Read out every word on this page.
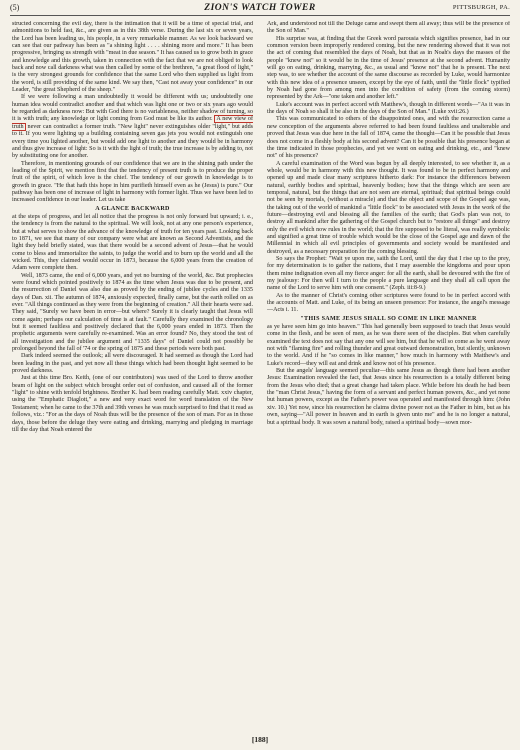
(5)	ZION'S WATCH TOWER	PITTSBURGH, PA.

structed concerning the evil day, there is the intimation that it will be a time of special trial, and admonitions to held fast, &c., are given as in this 38th verse. During the last six or seven years, the Lord has been leading us, his people, in a very remarkable manner. As we look backward we can see that our pathway has been as "a shining light . . . . shining more and more." It has been progressive, bringing us strength with "meat in due season." It has caused us to grow both in grace and knowledge and this growth, taken in connection with the fact that we are not obliged to look back and now call darkness what was then called by some of the brethren, "a great flood of light," is the very strongest grounds for confidence that the same Lord who then supplied us light from the word, is still providing of the same kind. We say then, "Cast not away your confidence" in our Leader, "the great Shepherd of the sheep."

If we were following a man undoubtedly it would be different with us; undoubtedly one human idea would contradict another and that which was light one or two or six years ago would be regarded as darkness now: But with God there is no variableness, neither shadow of turning, so it is with truth; any knowledge or light coming from God must be like its author. A new view of truth never can contradict a former truth. "New light" never extinguishes older "light," but adds to it. If you were lighting up a building containing seven gas jets you would not extinguish one every time you lighted another, but would add one light to another and they would be in harmony and thus give increase of light: So is it with the light of truth; the true increase is by adding to, not by substituting one for another.

Therefore, in mentioning grounds of our confidence that we are in the shining path under the leading of the Spirit, we mention first that the tendency of present truth is to produce the proper fruit of the spirit, of which love is the chief. The tendency of our growth in knowledge is to growth in grace. "He that hath this hope in him purifieth himself even as he (Jesus) is pure." Our pathway has been one of increase of light in harmony with former light. Thus we have been led to increased confidence in our leader. Let us take

A GLANCE BACKWARD

at the steps of progress, and let all notice that the progress is not only forward but upward; i. e., the tendency is from the natural to the spiritual. We will look, not at any one person's experience, but at what serves to show the advance of the knowledge of truth for ten years past. Looking back to 1871, we see that many of our company were what are known as Second Adventists, and the light they held briefly stated, was that there would be a second advent of Jesus—that he would come to bless and immortalize the saints, to judge the world and to burn up the world and all the wicked. This, they claimed would occur in 1873, because the 6,000 years from the creation of Adam were complete then.

Well, 1873 came, the end of 6,000 years, and yet no burning of the world, &c. But prophecies were found which pointed positively to 1874 as the time when Jesus was due to be present, and the resurrection of Daniel was also due as proved by the ending of jubilee cycles and the 1335 days of Dan. xii. The autumn of 1874, anxiously expected, finally came, but the earth rolled on as ever. "All things continued as they were from the beginning of creation." All their hearts were sad. They said, "Surely we have been in error—but where? Surely it is clearly taught that Jesus will come again; perhaps our calculation of time is at fault." Carefully they examined the chronology but it seemed faultless and positively declared that the 6,000 years ended in 1873. Then the prophetic arguments were carefully re-examined. Was an error found? No, they stood the test of all investigation and the jubilee argument and "1335 days" of Daniel could not possibly be prolonged beyond the fall of '74 or the spring of 1875 and these periods were both past.

Dark indeed seemed the outlook; all were discouraged. It had seemed as though the Lord had been leading in the past, and yet now all these things which had been thought light seemed to be proved darkness.

Just at this time Bro. Keith, (one of our contributors) was used of the Lord to throw another beam of light on the subject which brought order out of confusion, and caused all of the former "light" to shine with tenfold brightness. Brother K. had been reading carefully Matt. xxiv chapter, using the "Emphatic Diaglott," a new and very exact word for word translation of the New Testament; when he came to the 37th and 39th verses he was much surprised to find that it read as follows, viz.: "For as the days of Noah thus will be the presence of the son of man. For as in those days, those before the deluge they were eating and drinking, marrying and pledging in marriage till the day that Noah entered the

Ark, and understood not till the Deluge came and swept them all away; thus will be the presence of the Son of Man."

His surprise was, at finding that the Greek word parousia which signifies presence, had in our common version been improperly rendered coming, but the new rendering showed that it was not the act of coming that resembled the days of Noah, but that as in Noah's days the masses of the people "knew not" so it would be in the time of Jesus' presence at the second advent. Humanity will go on eating, drinking, marrying, &c., as usual and "know not" that he is present. The next step was, to see whether the account of the same discourse as recorded by Luke, would harmonize with this new idea of a presence unseen, except by the eye of faith, until the "little flock" typified by Noah had gone from among men into the condition of safety (from the coming storm) represented by the Ark—"one taken and another left."

Luke's account was in perfect accord with Matthew's, though in different words—"As it was in the days of Noah so shall it be also in the days of the Son of Man." (Luke xvii:26.)

This was communicated to others of the disappointed ones, and with the resurrection came a new conception of the arguments above referred to had been found faultless and unalterable and proved that Jesus was due here in the fall of 1874, came the thought—Can it be possible that Jesus does not come in a fleshly body at his second advent? Can it be possible that his presence began at the time indicated in those prophecies, and yet we went on eating and drinking, etc., and "knew not" of his presence?

A careful examination of the Word was begun by all deeply interested, to see whether it, as a whole, would be in harmony with this new thought. It was found to be in perfect harmony and opened up and made clear many scriptures hitherto dark: For instance the differences between natural, earthly bodies and spiritual, heavenly bodies; how that the things which are seen are temporal, natural, but the things that are not seen are eternal, spiritual; that spiritual beings could not be seen by mortals, (without a miracle) and that the object and scope of the Gospel age was, the taking out of the world of mankind a "little flock" to be associated with Jesus in the work of the future—destroying evil and blessing all the families of the earth; that God's plan was not, to destroy all mankind after the gathering of the Gospel church but to "restore all things" and destroy only the evil which now rules in the world; that the fire supposed to be literal, was really symbolic and signified a great time of trouble which would be the close of the Gospel age and dawn of the Millennial in which all evil principles of governments and society would be manifested and destroyed, as a necessary preparation for the coming blessing.

So says the Prophet: "Wait ye upon me, saith the Lord, until the day that I rise up to the prey, for my determination is to gather the nations, that I may assemble the kingdoms and pour upon them mine indignation even all my fierce anger: for all the earth, shall be devoured with the fire of my jealousy: For then will I turn to the people a pure language and they shall all call upon the name of the Lord to serve him with one consent." (Zeph. iii:8-9.)

As to the manner of Christ's coming other scriptures were found to be in perfect accord with the accounts of Matt. and Luke, of its being an unseen presence: For instance, the angel's message—Acts i. 11.

"THIS SAME JESUS SHALL SO COME IN LIKE MANNER

as ye have seen him go into heaven." This had generally been supposed to teach that Jesus would come in the flesh, and be seen of men, as he was there seen of the disciples. But when carefully examined the text does not say that any one will see him, but that he will so come as he went away not with "flaming fire" and rolling thunder and great outward demonstration, but silently, unknown to the world. And if he "so comes in like manner," how much in harmony with Matthew's and Luke's record—they will eat and drink and know not of his presence.

But the angels' language seemed peculiar—this same Jesus as though there had been another Jesus: Examination revealed the fact, that Jesus since his resurrection is a totally different being from the Jesus who died; that a great change had taken place. While before his death he had been the "man Christ Jesus," having the form of a servant and perfect human powers, &c., and yet none but human powers, except as the Father's power was operated and manifested through him: (John xiv. 10.) Yet now, since his resurrection he claims divine power not as the Father in him, but as his own, saying—"All power in heaven and in earth is given unto me" and he is no longer a natural, but a spiritual body. It was sown a natural body, raised a spiritual body—sown mor-

[188]
